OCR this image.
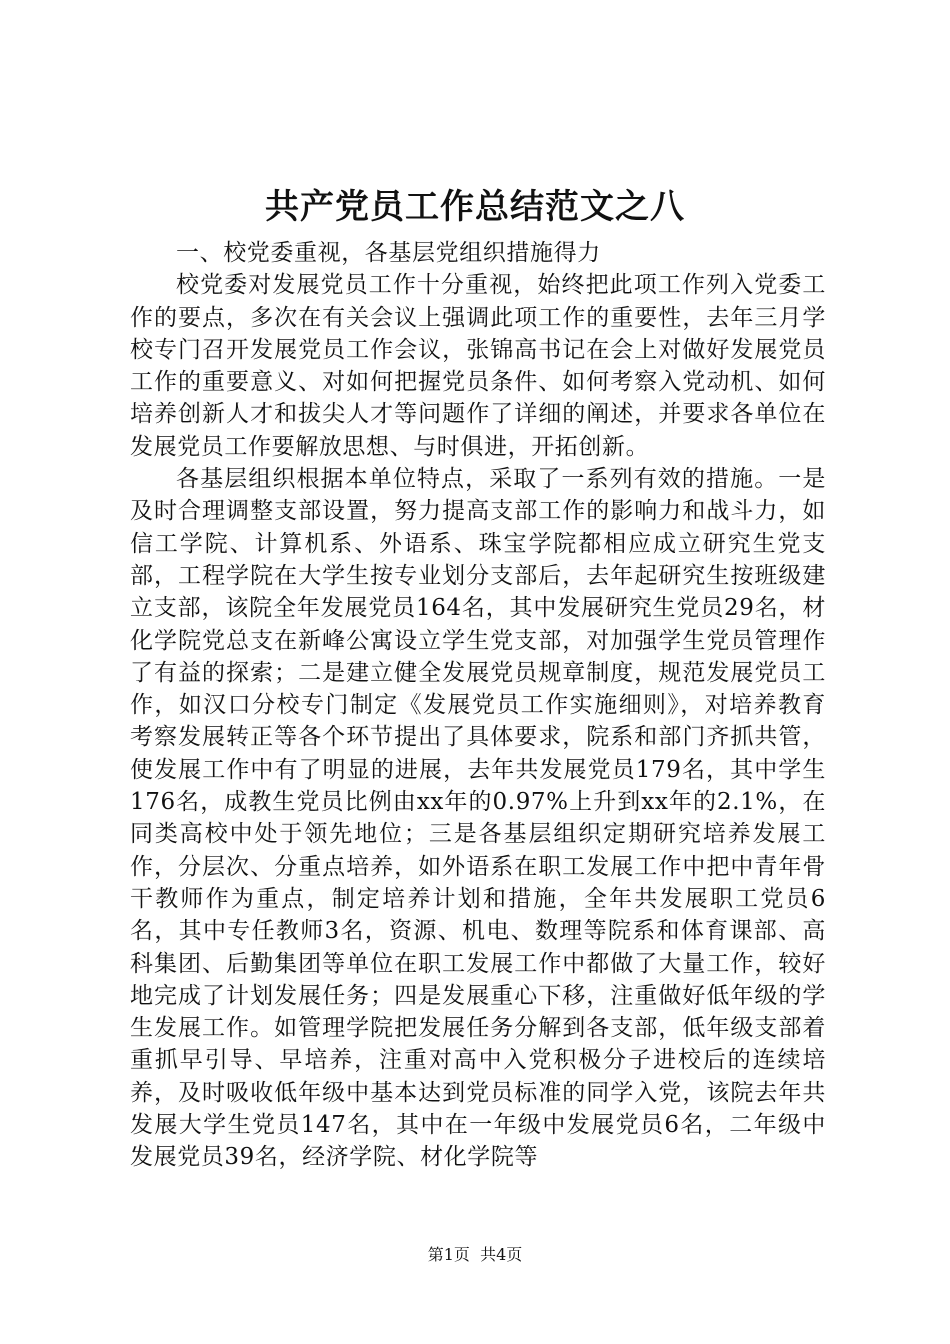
共产党员工作总结范文之八

一、校党委重视，各基层党组织措施得力

校党委对发展党员工作十分重视，始终把此项工作列入党委工作的要点，多次在有关会议上强调此项工作的重要性，去年三月学校专门召开发展党员工作会议，张锦高书记在会上对做好发展党员工作的重要意义、对如何把握党员条件、如何考察入党动机、如何培养创新人才和拔尖人才等问题作了详细的阐述，并要求各单位在发展党员工作要解放思想、与时俱进，开拓创新。

各基层组织根据本单位特点，采取了一系列有效的措施。一是及时合理调整支部设置，努力提高支部工作的影响力和战斗力，如信工学院、计算机系、外语系、珠宝学院都相应成立研究生党支部，工程学院在大学生按专业划分支部后，去年起研究生按班级建立支部，该院全年发展党员164名，其中发展研究生党员29名，材化学院党总支在新峰公寓设立学生党支部，对加强学生党员管理作了有益的探索；二是建立健全发展党员规章制度，规范发展党员工作，如汉口分校专门制定《发展党员工作实施细则》，对培养教育考察发展转正等各个环节提出了具体要求，院系和部门齐抓共管，使发展工作中有了明显的进展，去年共发展党员179名，其中学生176名，成教生党员比例由xx年的0.97%上升到xx年的2.1%，在同类高校中处于领先地位；三是各基层组织定期研究培养发展工作，分层次、分重点培养，如外语系在职工发展工作中把中青年骨干教师作为重点，制定培养计划和措施，全年共发展职工党员6名，其中专任教师3名，资源、机电、数理等院系和体育课部、高科集团、后勤集团等单位在职工发展工作中都做了大量工作，较好地完成了计划发展任务；四是发展重心下移，注重做好低年级的学生发展工作。如管理学院把发展任务分解到各支部，低年级支部着重抓早引导、早培养，注重对高中入党积极分子进校后的连续培养，及时吸收低年级中基本达到党员标准的同学入党，该院去年共发展大学生党员147名，其中在一年级中发展党员6名，二年级中发展党员39名，经济学院、材化学院等

第1页 共4页
